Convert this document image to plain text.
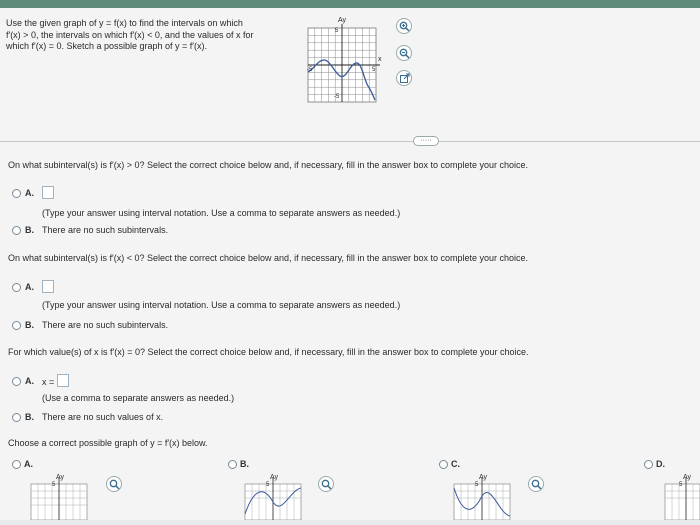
Use the given graph of y = f(x) to find the intervals on which
f′(x) > 0, the intervals on which f′(x) < 0, and the values of x for
which f′(x) = 0. Sketch a possible graph of y = f′(x).
Ay
x
5
-5
-5	5
·····
On what subinterval(s) is f′(x) > 0? Select the correct choice below and, if necessary, fill in the answer box to complete your choice.
A.
(Type your answer using interval notation. Use a comma to separate answers as needed.)
B. There are no such subintervals.
On what subinterval(s) is f′(x) < 0? Select the correct choice below and, if necessary, fill in the answer box to complete your choice.
A.
(Type your answer using interval notation. Use a comma to separate answers as needed.)
B. There are no such subintervals.
For which value(s) of x is f′(x) = 0? Select the correct choice below and, if necessary, fill in the answer box to complete your choice.
A. x =
(Use a comma to separate answers as needed.)
B. There are no such values of x.
Choose a correct possible graph of y = f′(x) below.
A.	B.	C.	D.
Ay
5
Ay
5
Ay
5
Ay
5
